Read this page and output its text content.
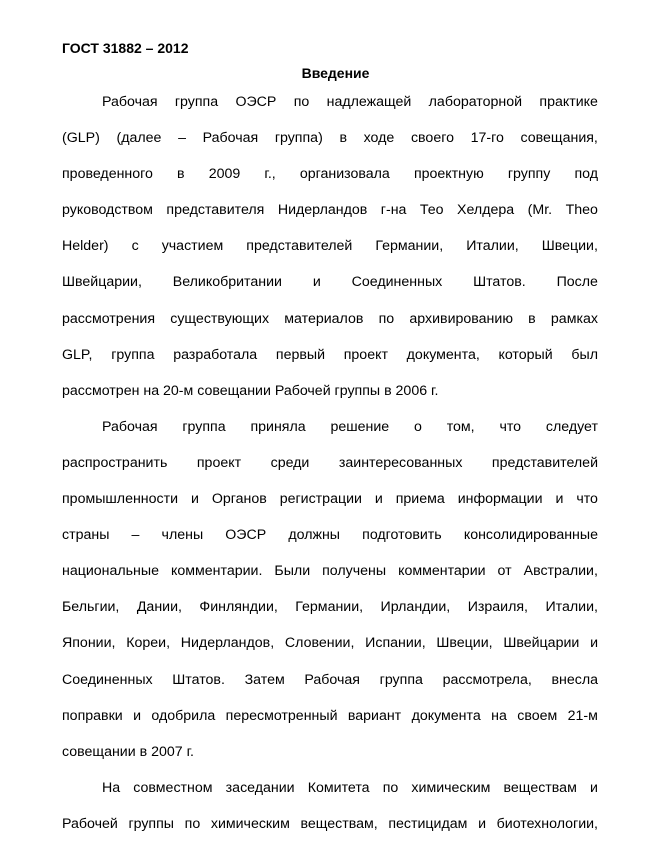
ГОСТ 31882 – 2012
Введение
Рабочая группа ОЭСР по надлежащей лабораторной практике
(GLP) (далее – Рабочая группа) в ходе своего 17-го совещания,
проведенного в 2009 г., организовала проектную группу под
руководством представителя Нидерландов г-на Тео Хелдера (Mr. Theo
Helder) с участием представителей Германии, Италии, Швеции,
Швейцарии, Великобритании и Соединенных Штатов. После
рассмотрения существующих материалов по архивированию в рамках
GLP, группа разработала первый проект документа, который был
рассмотрен на 20-м совещании Рабочей группы в 2006 г.
Рабочая группа приняла решение о том, что следует
распространить проект среди заинтересованных представителей
промышленности и Органов регистрации и приема информации и что
страны – члены ОЭСР должны подготовить консолидированные
национальные комментарии. Были получены комментарии от Австралии,
Бельгии, Дании, Финляндии, Германии, Ирландии, Израиля, Италии,
Японии, Кореи, Нидерландов, Словении, Испании, Швеции, Швейцарии и
Соединенных Штатов. Затем Рабочая группа рассмотрела, внесла
поправки и одобрила пересмотренный вариант документа на своем 21-м
совещании в 2007 г.
На совместном заседании Комитета по химическим веществам и
Рабочей группы по химическим веществам, пестицидам и биотехнологии,
